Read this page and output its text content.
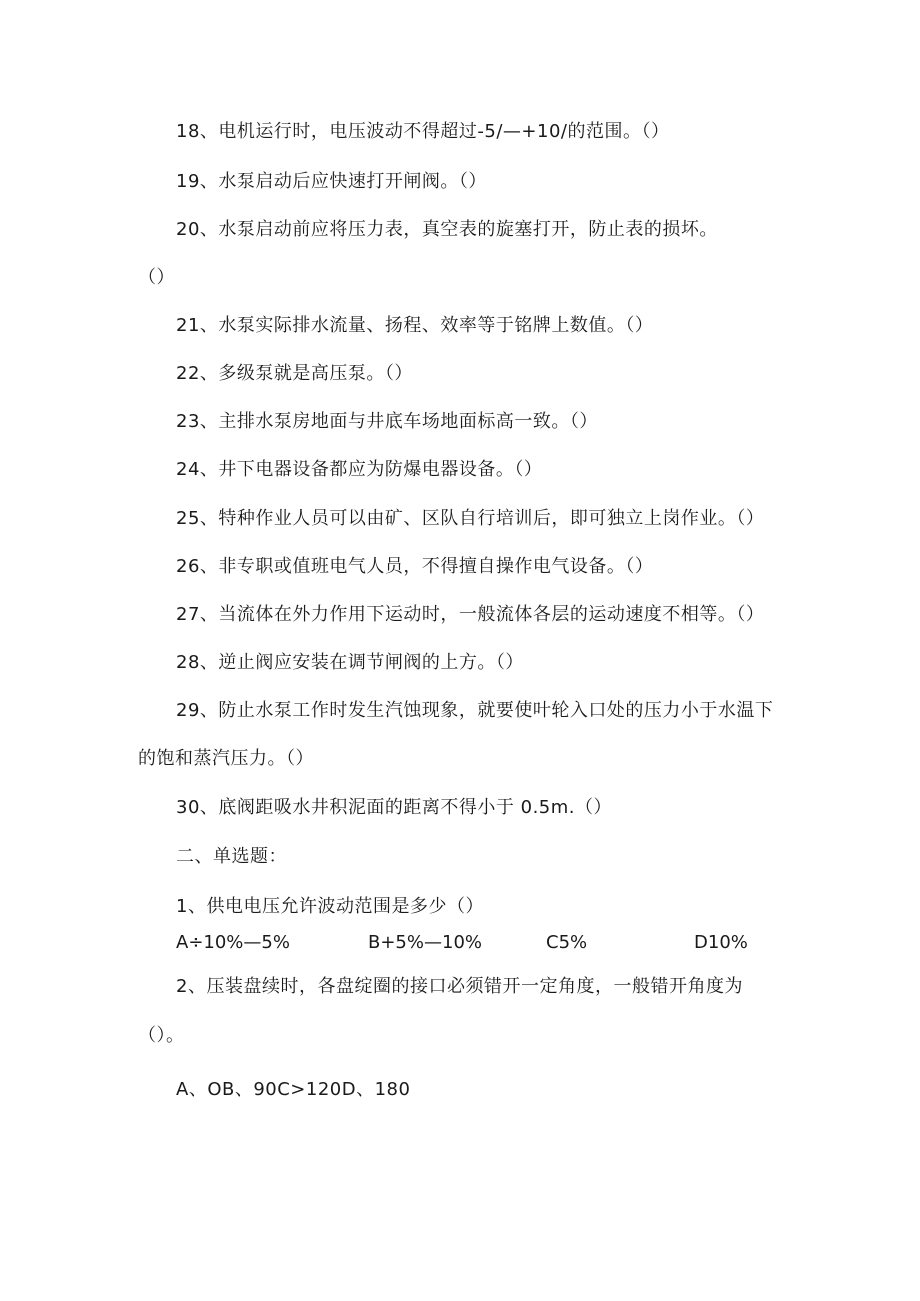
18、电机运行时，电压波动不得超过-5/—+10/的范围。（）
19、水泵启动后应快速打开闸阀。（）
20、水泵启动前应将压力表，真空表的旋塞打开，防止表的损坏。
（）
21、水泵实际排水流量、扬程、效率等于铭牌上数值。（）
22、多级泵就是高压泵。（）
23、主排水泵房地面与井底车场地面标高一致。（）
24、井下电器设备都应为防爆电器设备。（）
25、特种作业人员可以由矿、区队自行培训后，即可独立上岗作业。（）
26、非专职或值班电气人员，不得擅自操作电气设备。（）
27、当流体在外力作用下运动时，一般流体各层的运动速度不相等。（）
28、逆止阀应安装在调节闸阀的上方。（）
29、防止水泵工作时发生汽蚀现象，就要使叶轮入口处的压力小于水温下
的饱和蒸汽压力。（）
30、底阀距吸水井积泥面的距离不得小于 0.5m.（）
二、单选题：
1、供电电压允许波动范围是多少（）
A÷10%—5%	B+5%—10%	C5%	D10%
2、压装盘续时，各盘绽圈的接口必须错开一定角度，一般错开角度为
（）。
A、OB、90C>120D、180
